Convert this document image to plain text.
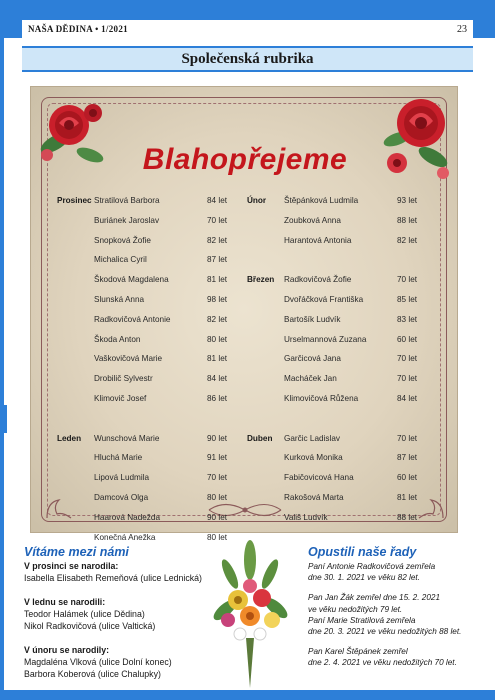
NAŠA DĚDINA • 1/2021	23
Společenská rubrika
Blahopřejeme
Prosinec Stratilová Barbora	84 let
Buriánek Jaroslav	70 let
Snopková Žofie	82 let
Michalica Cyril	87 let
Škodová Magdalena	81 let
Slunská Anna	98 let
Radkovičová Antonie	82 let
Škoda Anton	80 let
Vaškovičová Marie	81 let
Drobilič Sylvestr	84 let
Klimovič Josef	86 let
Leden Wunschová Marie	90 let
Hluchá Marie	91 let
Lipová Ludmila	70 let
Damcová Olga	80 let
Haarová Nadežda	90 let
Konečná Anežka	80 let
Únor Štěpánková Ludmila	93 let
Zoubková Anna	88 let
Harantová Antonia	82 let
Březen Radkovičová Žofie	70 let
Dvořáčková Františka	85 let
Bartošík Ludvík	83 let
Urselmannová Zuzana	60 let
Garčicová Jana	70 let
Macháček Jan	70 let
Klimovičová Růžena	84 let
Duben Garčic Ladislav	70 let
Kurková Monika	87 let
Fabičovicová Hana	60 let
Rakošová Marta	81 let
Vališ Ludvík	88 let
Vítáme mezi námi
V prosinci se narodila:
Isabella Elisabeth Remeňová (ulice Lednická)
V lednu se narodili:
Teodor Halámek (ulice Dědina)
Nikol Radkovičová (ulice Valtická)
V únoru se narodily:
Magdaléna Vlková (ulice Dolní konec)
Barbora Koberová (ulice Chalupky)
Opustili naše řady
Paní Antonie Radkovičová zemřela
dne 30. 1. 2021 ve věku 82 let.
Pan Jan Žák zemřel dne 15. 2. 2021
ve věku nedožitých 79 let.
Paní Marie Stratilová zemřela
dne 20. 3. 2021 ve věku nedožitých 88 let.
Pan Karel Štěpánek zemřel
dne 2. 4. 2021 ve věku nedožitých 70 let.
